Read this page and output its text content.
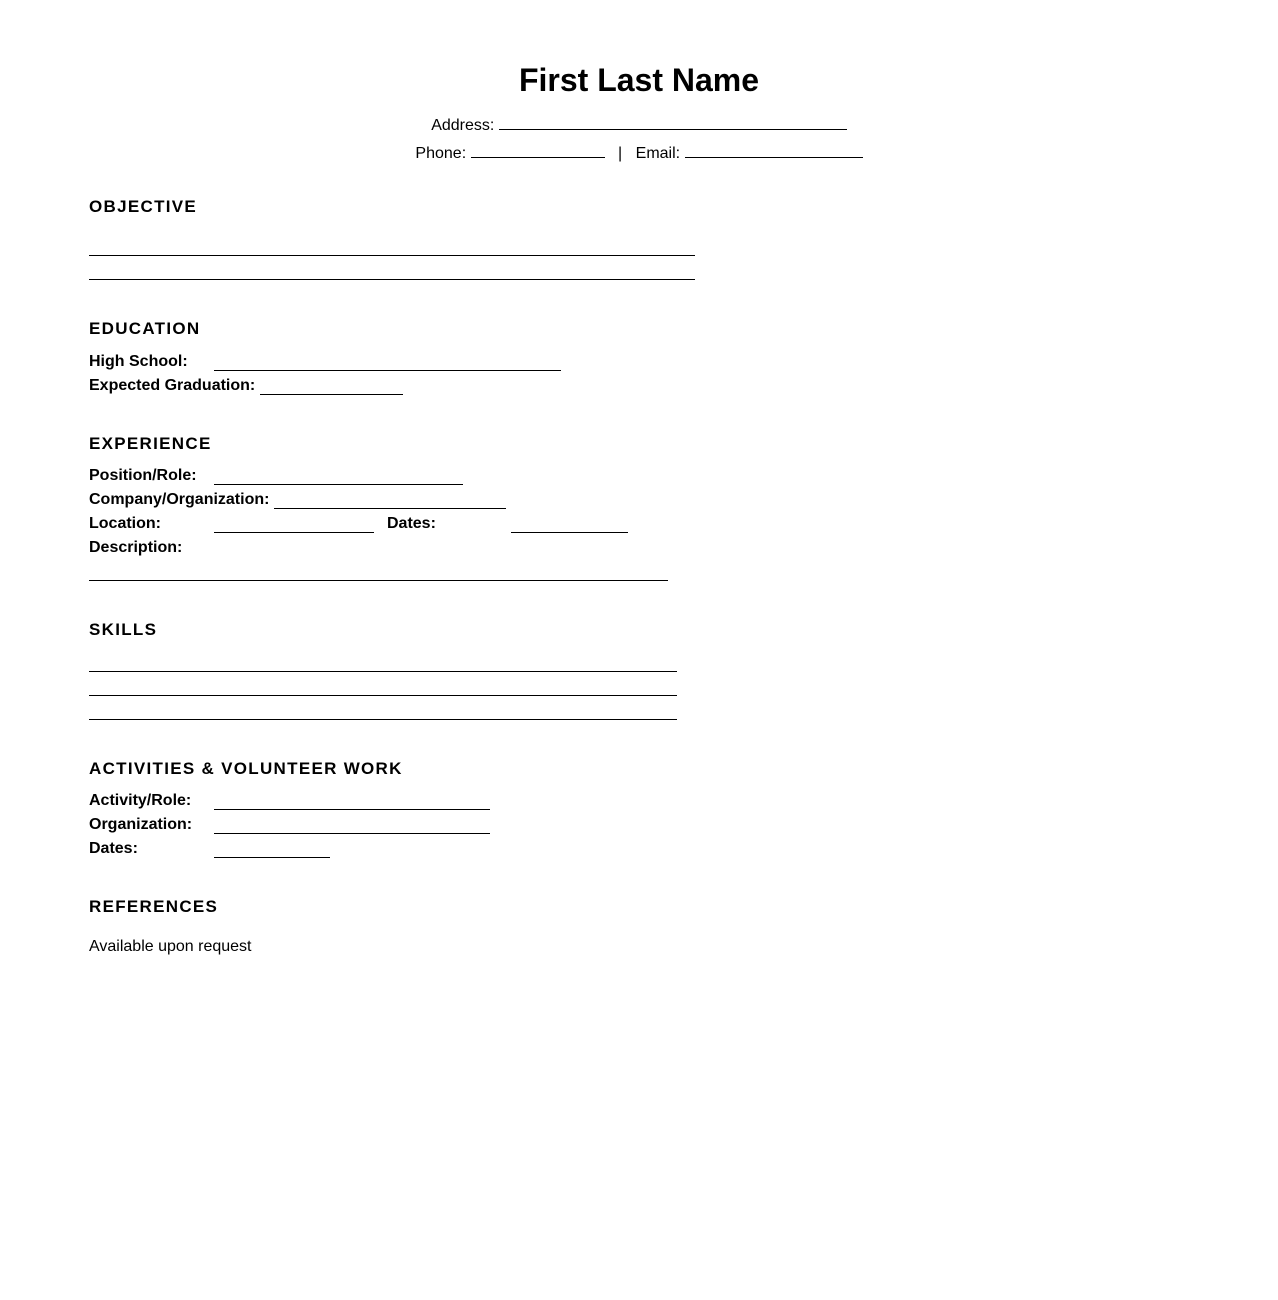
First Last Name
Address:
Phone:	| Email:
OBJECTIVE
EDUCATION
High School:
Expected Graduation:
EXPERIENCE
Position/Role:
Company/Organization:
Location:	Dates:
Description:
SKILLS
ACTIVITIES & VOLUNTEER WORK
Activity/Role:
Organization:
Dates:
REFERENCES
Available upon request
